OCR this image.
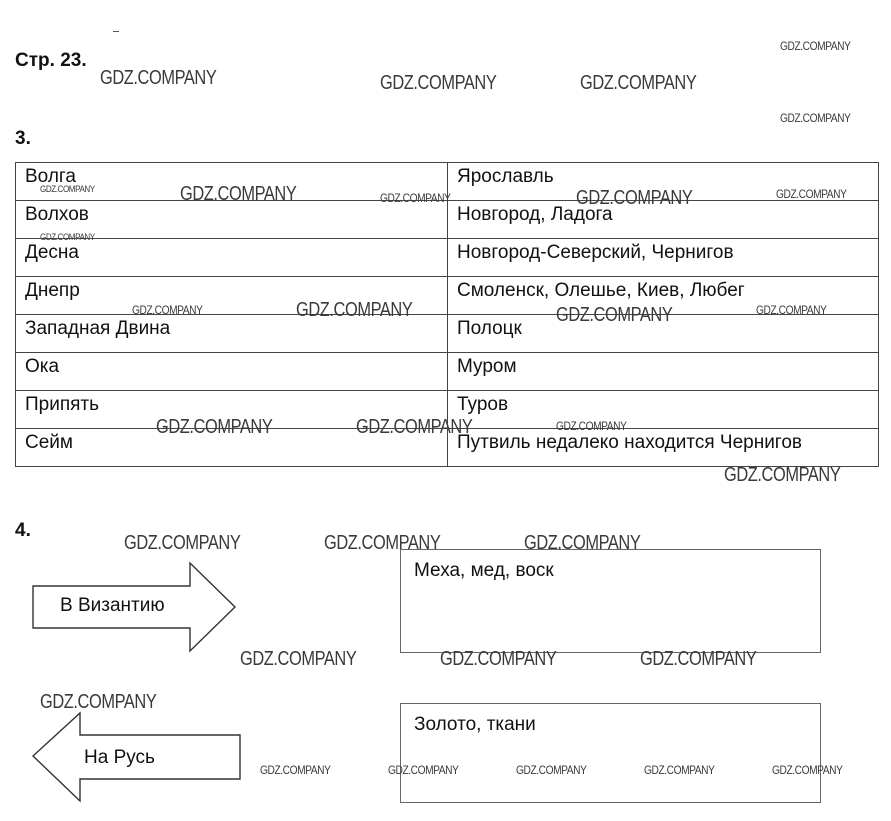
Стр. 23.
3.
Волга	Ярославль
Волхов	Новгород, Ладога
Десна	Новгород-Северский, Чернигов
Днепр	Смоленск, Олешье, Киев, Любег
Западная Двина	Полоцк
Ока	Муром
Припять	Туров
Сейм	Путвиль недалеко находится Чернигов
4.
В Византию
Меха, мед, воск
На Русь
Золото, ткани
GDZ.COMPANY	GDZ.COMPANY	GDZ.COMPANY
GDZ.COMPANY
GDZ.COMPANY
GDZ.COMPANY	GDZ.COMPANY	GDZ.COMPANY	GDZ.COMPANY	GDZ.COMPANY
GDZ.COMPANY
GDZ.COMPANY	GDZ.COMPANY	GDZ.COMPANY	GDZ.COMPANY
GDZ.COMPANY	GDZ.COMPANY	GDZ.COMPANY
GDZ.COMPANY
GDZ.COMPANY	GDZ.COMPANY	GDZ.COMPANY
GDZ.COMPANY	GDZ.COMPANY	GDZ.COMPANY
GDZ.COMPANY
GDZ.COMPANY	GDZ.COMPANY	GDZ.COMPANY	GDZ.COMPANY	GDZ.COMPANY
